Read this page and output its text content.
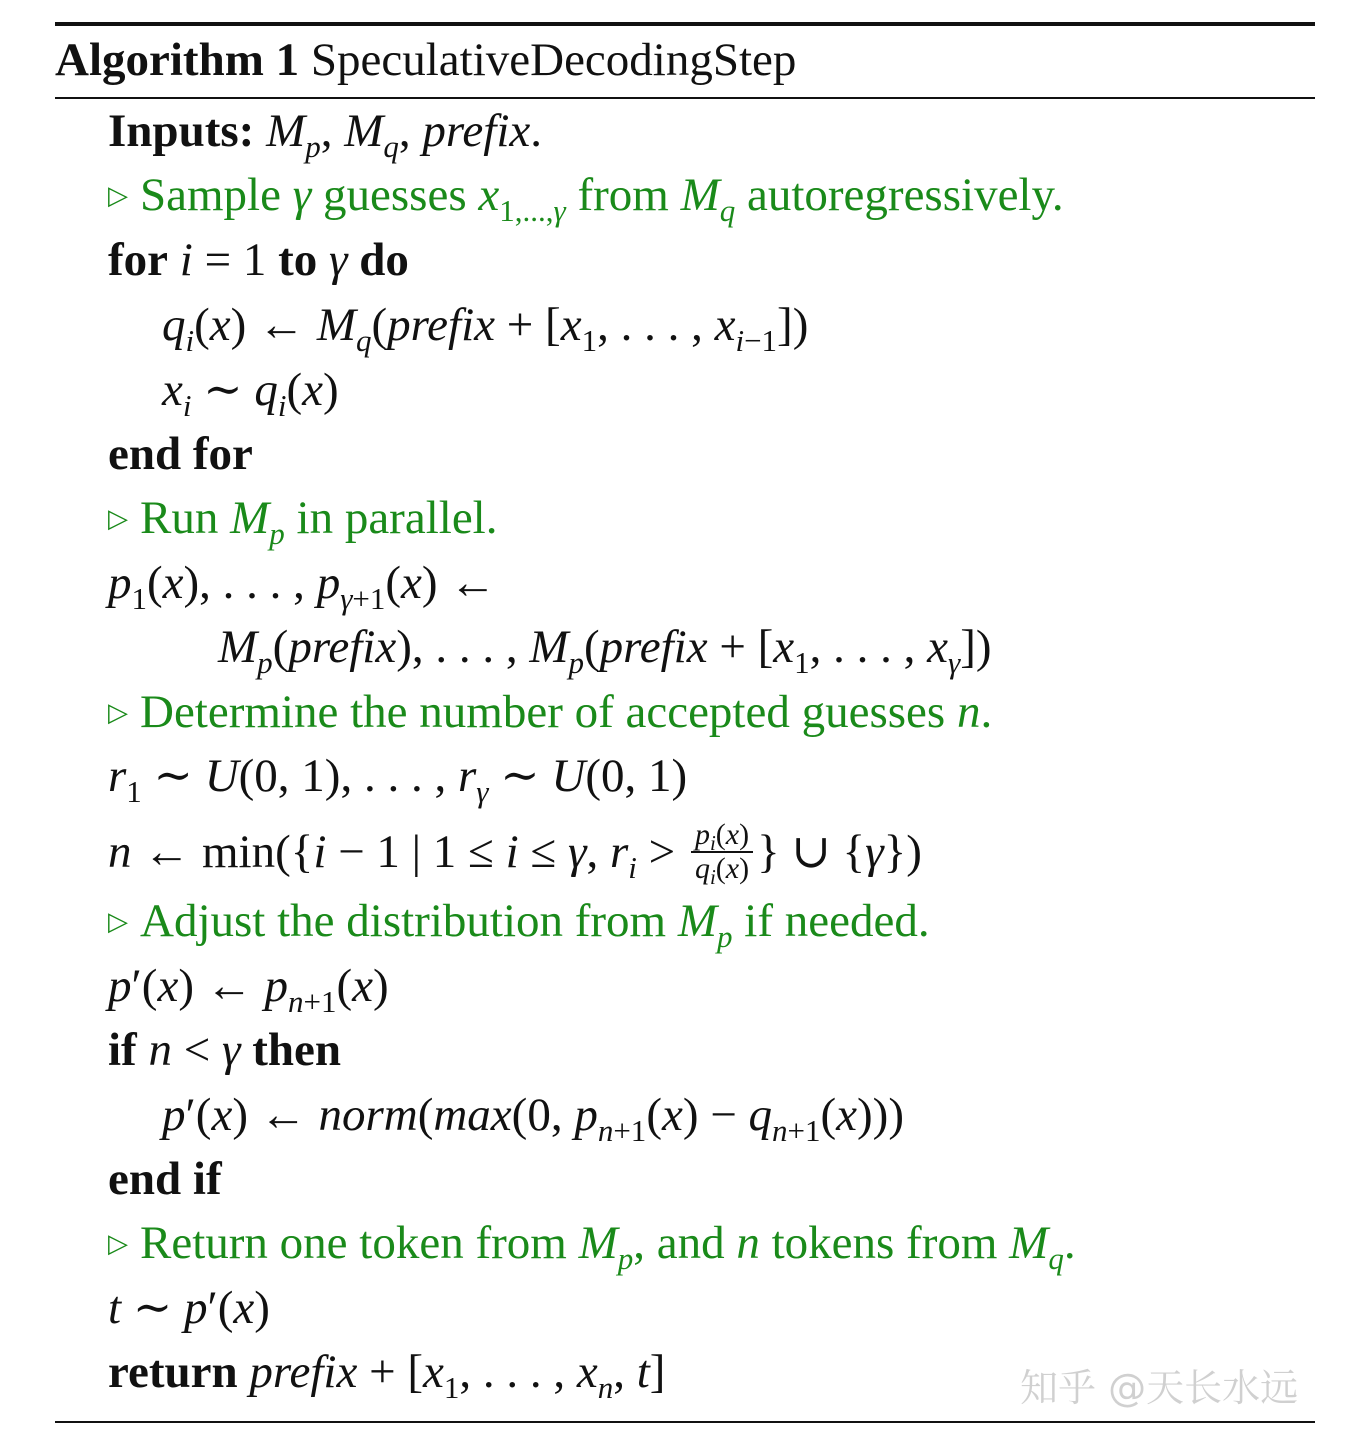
Algorithm 1 SpeculativeDecodingStep
Inputs: $M_p$, $M_q$, prefix.
▷ Sample γ guesses $x_{1,...,\gamma}$ from $M_q$ autoregressively.
for i = 1 to γ do
$q_i(x)$ ← $M_q(prefix + [x_1$, . . . , $x_{i-1}$])
$x_i$ ∼ $q_i(x)$
end for
▷ Run $M_p$ in parallel.
$p_1(x)$, . . . , $p_{\gamma+1}(x)$ ←
$M_p(prefix)$, . . . , $M_p(prefix + [x_1$, . . . , $x_\gamma$])
▷ Determine the number of accepted guesses n.
$r_1$ ∼ U(0, 1), . . . , $r_\gamma$ ∼ U(0, 1)
n ← min({i − 1 | 1 ≤ i ≤ γ, $r_i > \frac{p_i(x)}{q_i(x)}$ } ∪ {γ})
▷ Adjust the distribution from $M_p$ if needed.
p′(x) ← $p_{n+1}(x)$
if n < γ then
p′(x) ← norm(max(0, $p_{n+1}(x) - q_{n+1}(x)$))
end if
▷ Return one token from $M_p$, and n tokens from $M_q$.
t ∼ p′(x)
return prefix + [$x_1$, . . . , $x_n$, t]	知乎 @天长水远
